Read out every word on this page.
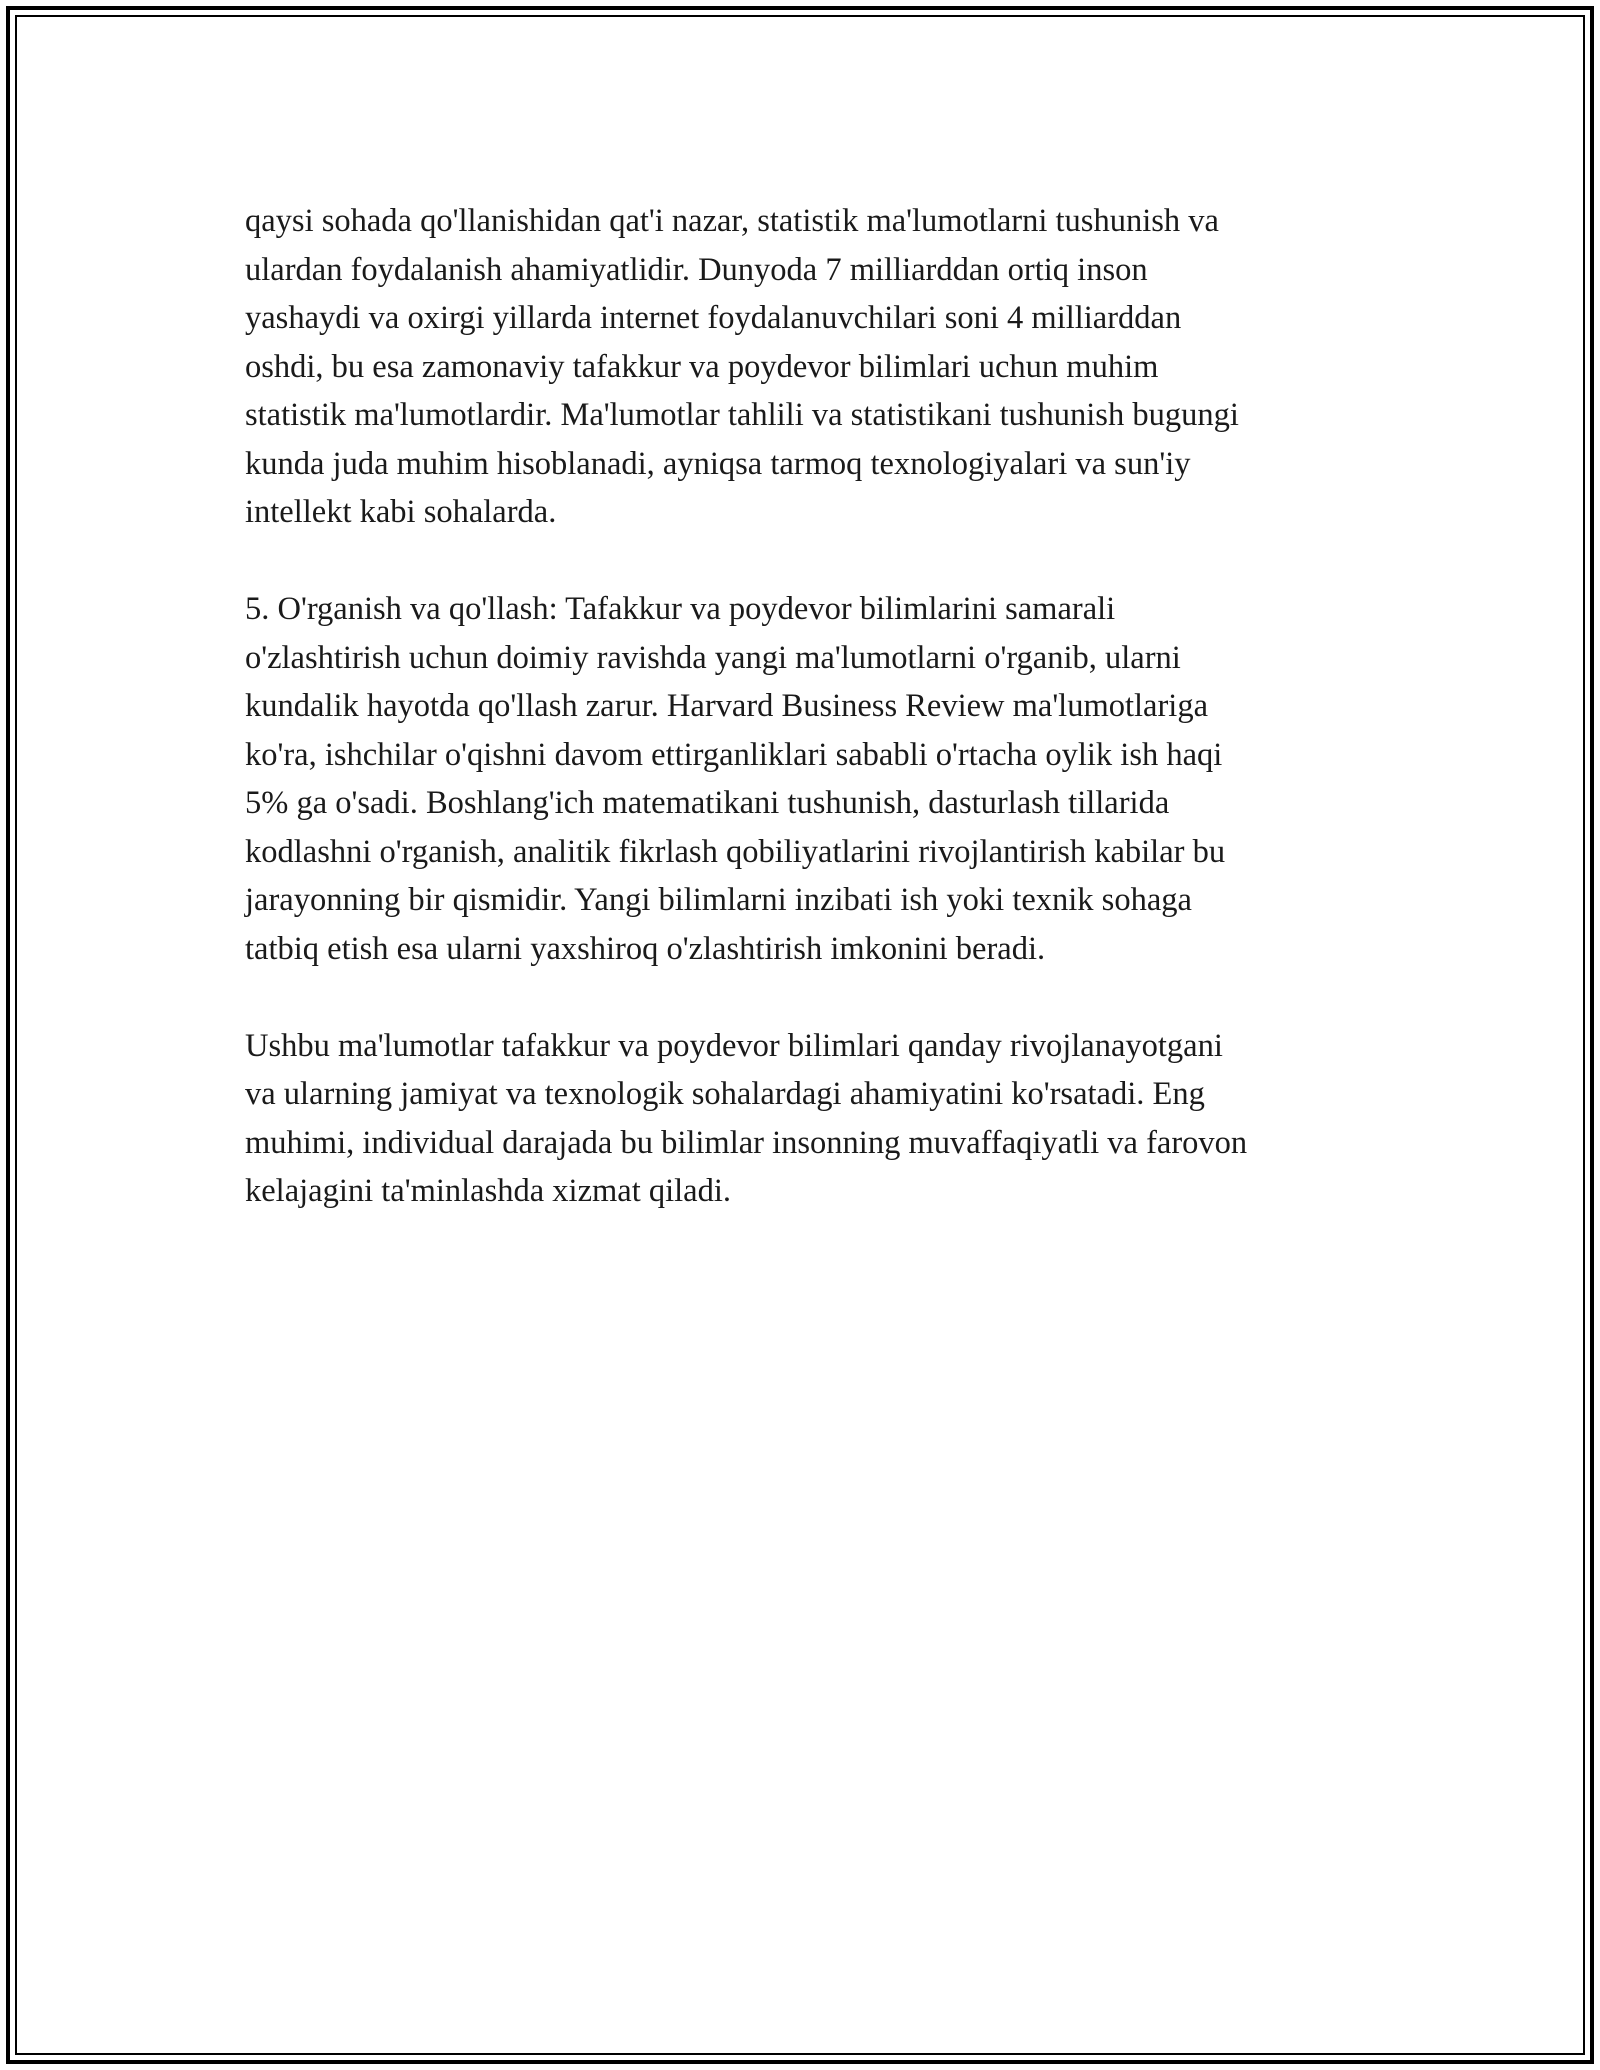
qaysi sohada qo'llanishidan qat'i nazar, statistik ma'lumotlarni tushunish va
ulardan foydalanish ahamiyatlidir. Dunyoda 7 milliarddan ortiq inson
yashaydi va oxirgi yillarda internet foydalanuvchilari soni 4 milliarddan
oshdi, bu esa zamonaviy tafakkur va poydevor bilimlari uchun muhim
statistik ma'lumotlardir. Ma'lumotlar tahlili va statistikani tushunish bugungi
kunda juda muhim hisoblanadi, ayniqsa tarmoq texnologiyalari va sun'iy
intellekt kabi sohalarda.

5. O'rganish va qo'llash: Tafakkur va poydevor bilimlarini samarali
o'zlashtirish uchun doimiy ravishda yangi ma'lumotlarni o'rganib, ularni
kundalik hayotda qo'llash zarur. Harvard Business Review ma'lumotlariga
ko'ra, ishchilar o'qishni davom ettirganliklari sababli o'rtacha oylik ish haqi
5% ga o'sadi. Boshlang'ich matematikani tushunish, dasturlash tillarida
kodlashni o'rganish, analitik fikrlash qobiliyatlarini rivojlantirish kabilar bu
jarayonning bir qismidir. Yangi bilimlarni inzibati ish yoki texnik sohaga
tatbiq etish esa ularni yaxshiroq o'zlashtirish imkonini beradi.

Ushbu ma'lumotlar tafakkur va poydevor bilimlari qanday rivojlanayotgani
va ularning jamiyat va texnologik sohalardagi ahamiyatini ko'rsatadi. Eng
muhimi, individual darajada bu bilimlar insonning muvaffaqiyatli va farovon
kelajagini ta'minlashda xizmat qiladi.
